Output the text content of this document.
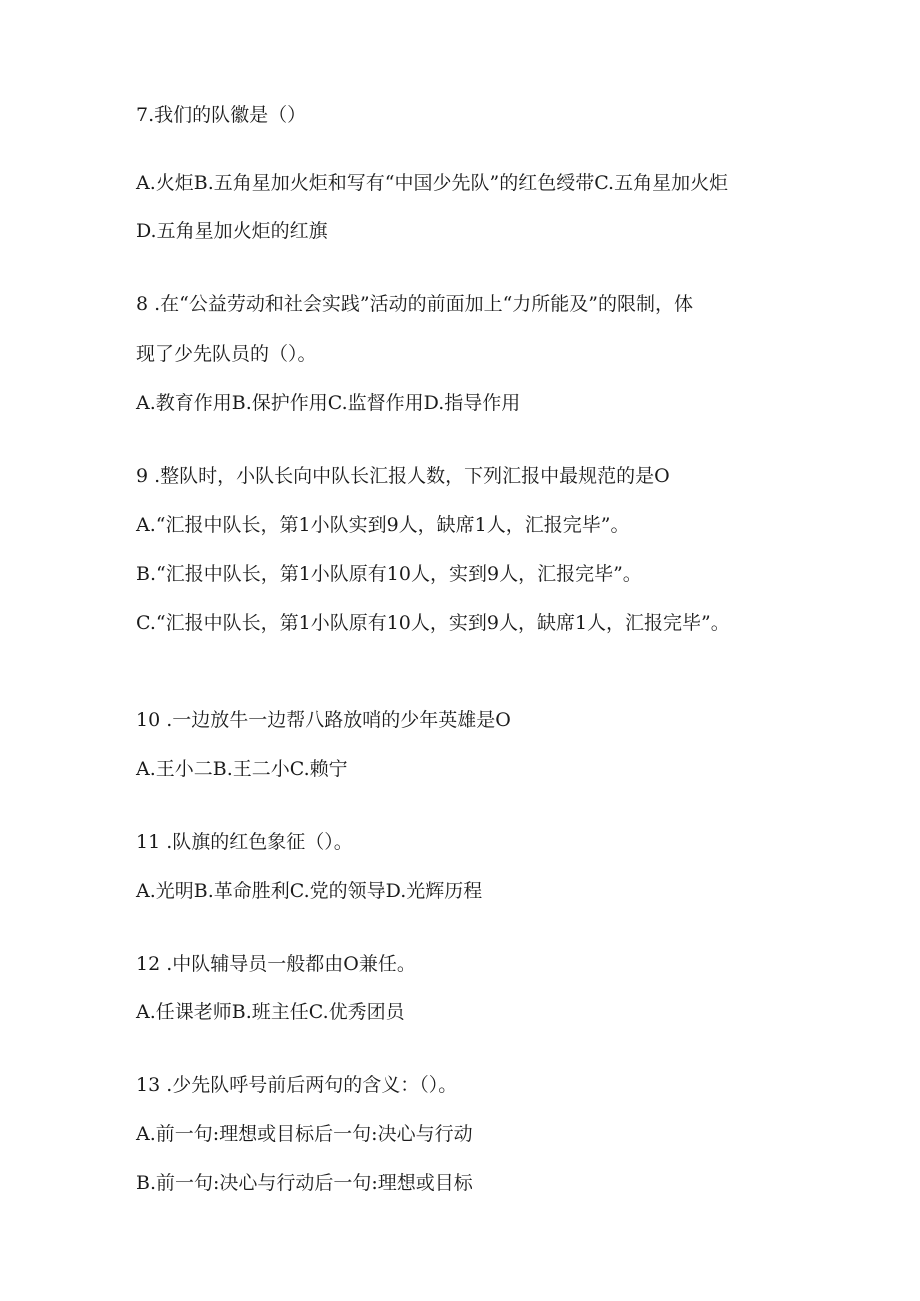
7.我们的队徽是（）

A.火炬B.五角星加火炬和写有“中国少先队”的红色绶带C.五角星加火炬

D.五角星加火炬的红旗

8 .在“公益劳动和社会实践”活动的前面加上“力所能及”的限制，体

现了少先队员的（）。

A.教育作用B.保护作用C.监督作用D.指导作用

9 .整队时，小队长向中队长汇报人数，下列汇报中最规范的是O

A.“汇报中队长，第1小队实到9人，缺席1人，汇报完毕”。

B.“汇报中队长，第1小队原有10人，实到9人，汇报完毕”。

C.“汇报中队长，第1小队原有10人，实到9人，缺席1人，汇报完毕”。

10 .一边放牛一边帮八路放哨的少年英雄是O

A.王小二B.王二小C.赖宁

11 .队旗的红色象征（）。

A.光明B.革命胜利C.党的领导D.光辉历程

12 .中队辅导员一般都由O兼任。

A.任课老师B.班主任C.优秀团员

13 .少先队呼号前后两句的含义：（）。

A.前一句:理想或目标后一句:决心与行动

B.前一句:决心与行动后一句:理想或目标
